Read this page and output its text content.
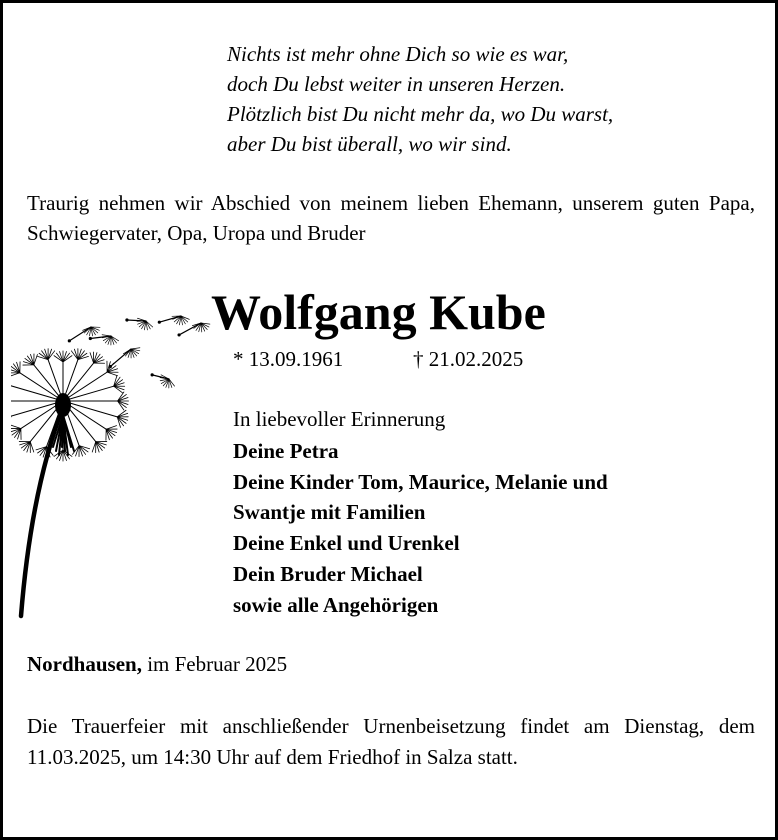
Nichts ist mehr ohne Dich so wie es war,
doch Du lebst weiter in unseren Herzen.
Plötzlich bist Du nicht mehr da, wo Du warst,
aber Du bist überall, wo wir sind.
Traurig nehmen wir Abschied von meinem lieben Ehemann, unserem guten Papa, Schwiegervater, Opa, Uropa und Bruder
Wolfgang Kube
* 13.09.1961	† 21.02.2025
In liebevoller Erinnerung
Deine Petra
Deine Kinder Tom, Maurice, Melanie und
Swantje mit Familien
Deine Enkel und Urenkel
Dein Bruder Michael
sowie alle Angehörigen
Nordhausen, im Februar 2025
Die Trauerfeier mit anschließender Urnenbeisetzung findet am Dienstag, dem 11.03.2025, um 14:30 Uhr auf dem Friedhof in Salza statt.
